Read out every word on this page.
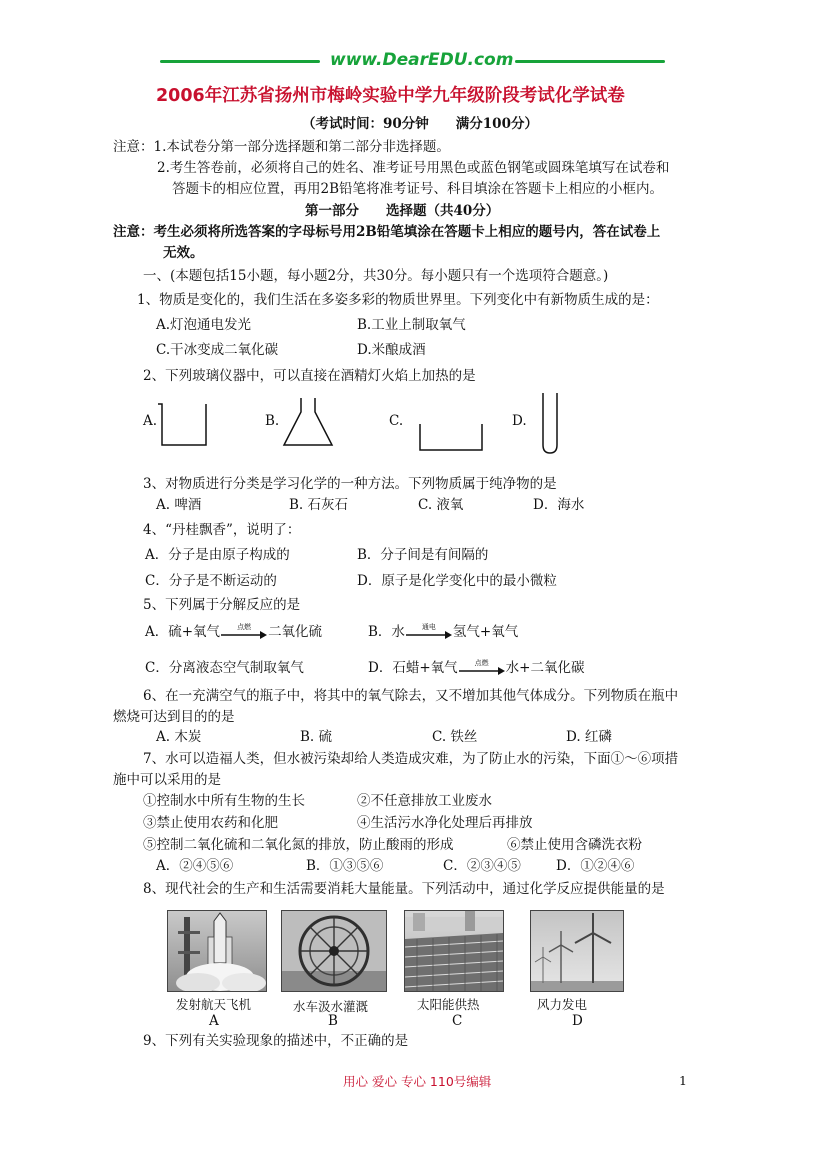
www.DearEDU.com
2006年江苏省扬州市梅岭实验中学九年级阶段考试化学试卷
（考试时间：90分钟　　满分100分）
注意：1.本试卷分第一部分选择题和第二部分非选择题。
2.考生答卷前，必须将自己的姓名、准考证号用黑色或蓝色钢笔或圆珠笔填写在试卷和
答题卡的相应位置，再用2B铅笔将准考证号、科目填涂在答题卡上相应的小框内。
第一部分　　选择题（共40分）
注意：考生必须将所选答案的字母标号用2B铅笔填涂在答题卡上相应的题号内，答在试卷上
无效。
一、(本题包括15小题，每小题2分，共30分。每小题只有一个选项符合题意。)
1、物质是变化的，我们生活在多姿多彩的物质世界里。下列变化中有新物质生成的是：
A.灯泡通电发光	B.工业上制取氧气
C.干冰变成二氧化碳	D.米酿成酒
2、下列玻璃仪器中，可以直接在酒精灯火焰上加热的是
A.	B.	C.	D.
3、对物质进行分类是学习化学的一种方法。下列物质属于纯净物的是
A. 啤酒	B. 石灰石	C. 液氧	D．海水
4、“丹桂飘香”，说明了：
A．分子是由原子构成的	B．分子间是有间隔的
C．分子是不断运动的	D．原子是化学变化中的最小微粒
5、下列属于分解反应的是
A．硫+氧气	点燃	二氧化硫	B．水	通电	氢气+氧气
C．分离液态空气制取氧气	D．石蜡+氧气	点燃	水+二氧化碳
6、在一充满空气的瓶子中，将其中的氧气除去，又不增加其他气体成分。下列物质在瓶中
燃烧可达到目的的是
A. 木炭	B. 硫	C. 铁丝	D. 红磷
7、水可以造福人类，但水被污染却给人类造成灾难，为了防止水的污染，下面①～⑥项措
施中可以采用的是
①控制水中所有生物的生长	②不任意排放工业废水
③禁止使用农药和化肥	④生活污水净化处理后再排放
⑤控制二氧化硫和二氧化氮的排放，防止酸雨的形成	⑥禁止使用含磷洗衣粉
A．②④⑤⑥	B．①③⑤⑥	C．②③④⑤	D．①②④⑥
8、现代社会的生产和生活需要消耗大量能量。下列活动中，通过化学反应提供能量的是
发射航天飞机
A
水车汲水灌溉
B
太阳能供热
C
风力发电
D
9、下列有关实验现象的描述中，不正确的是
用心 爱心 专心 110号编辑	1
